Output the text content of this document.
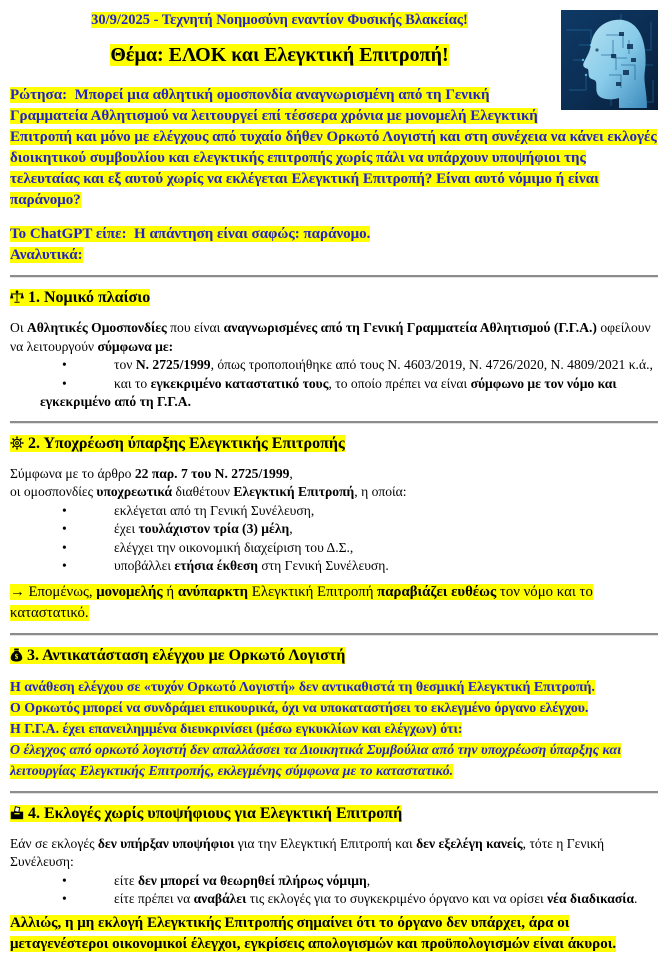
30/9/2025 - Τεχνητή Νοημοσύνη εναντίον Φυσικής Βλακείας!
Θέμα: ΕΛΟΚ και Ελεγκτική Επιτροπή!

Ρώτησα:  Μπορεί μια αθλητική ομοσπονδία αναγνωρισμένη από τη Γενική Γραμματεία Αθλητισμού να λειτουργεί επί τέσσερα χρόνια με μονομελή Ελεγκτική Επιτροπή και μόνο με ελέγχους από τυχαίο δήθεν Ορκωτό Λογιστή και στη συνέχεια να κάνει εκλογές διοικητικού συμβουλίου και ελεγκτικής επιτροπής χωρίς πάλι να υπάρχουν υποψήφιοι της τελευταίας και εξ αυτού χωρίς να εκλέγεται Ελεγκτική Επιτροπή? Είναι αυτό νόμιμο ή είναι παράνομο?

Το ChatGPT είπε:  Η απάντηση είναι σαφώς: παράνομο.
Αναλυτικά:
1. Νομικό πλαίσιο

Οι Αθλητικές Ομοσπονδίες που είναι αναγνωρισμένες από τη Γενική Γραμματεία Αθλητισμού (Γ.Γ.Α.) οφείλουν να λειτουργούν σύμφωνα με:

•	τον Ν. 2725/1999, όπως τροποποιήθηκε από τους Ν. 4603/2019, Ν. 4726/2020, Ν. 4809/2021 κ.ά.,
•	και το εγκεκριμένο καταστατικό τους, το οποίο πρέπει να είναι σύμφωνο με τον νόμο και εγκεκριμένο από τη Γ.Γ.Α.
2. Υποχρέωση ύπαρξης Ελεγκτικής Επιτροπής

Σύμφωνα με το άρθρο 22 παρ. 7 του Ν. 2725/1999,

οι ομοσπονδίες υποχρεωτικά διαθέτουν Ελεγκτική Επιτροπή, η οποία:

•	εκλέγεται από τη Γενική Συνέλευση,
•	έχει τουλάχιστον τρία (3) μέλη,
•	ελέγχει την οικονομική διαχείριση του Δ.Σ.,
•	υποβάλλει ετήσια έκθεση στη Γενική Συνέλευση.

→ Επομένως, μονομελής ή ανύπαρκτη Ελεγκτική Επιτροπή παραβιάζει ευθέως τον νόμο και το καταστατικό.

$ 3. Αντικατάσταση ελέγχου με Ορκωτό Λογιστή
Η ανάθεση ελέγχου σε «τυχόν Ορκωτό Λογιστή» δεν αντικαθιστά τη θεσμική Ελεγκτική Επιτροπή.
Ο Ορκωτός μπορεί να συνδράμει επικουρικά, όχι να υποκαταστήσει το εκλεγμένο όργανο ελέγχου.
Η Γ.Γ.Α. έχει επανειλημμένα διευκρινίσει (μέσω εγκυκλίων και ελέγχων) ότι:
Ο έλεγχος από ορκωτό λογιστή δεν απαλλάσσει τα Διοικητικά Συμβούλια από την υποχρέωση ύπαρξης και λειτουργίας Ελεγκτικής Επιτροπής, εκλεγμένης σύμφωνα με το καταστατικό.
4. Εκλογές χωρίς υποψήφιους για Ελεγκτική Επιτροπή

Εάν σε εκλογές δεν υπήρξαν υποψήφιοι για την Ελεγκτική Επιτροπή και δεν εξελέγη κανείς, τότε η Γενική Συνέλευση:

•	είτε δεν μπορεί να θεωρηθεί πλήρως νόμιμη,
•	είτε πρέπει να αναβάλει τις εκλογές για το συγκεκριμένο όργανο και να ορίσει νέα διαδικασία.

Αλλιώς, η μη εκλογή Ελεγκτικής Επιτροπής σημαίνει ότι το όργανο δεν υπάρχει, άρα οι μεταγενέστεροι οικονομικοί έλεγχοι, εγκρίσεις απολογισμών και προϋπολογισμών είναι άκυροι.
